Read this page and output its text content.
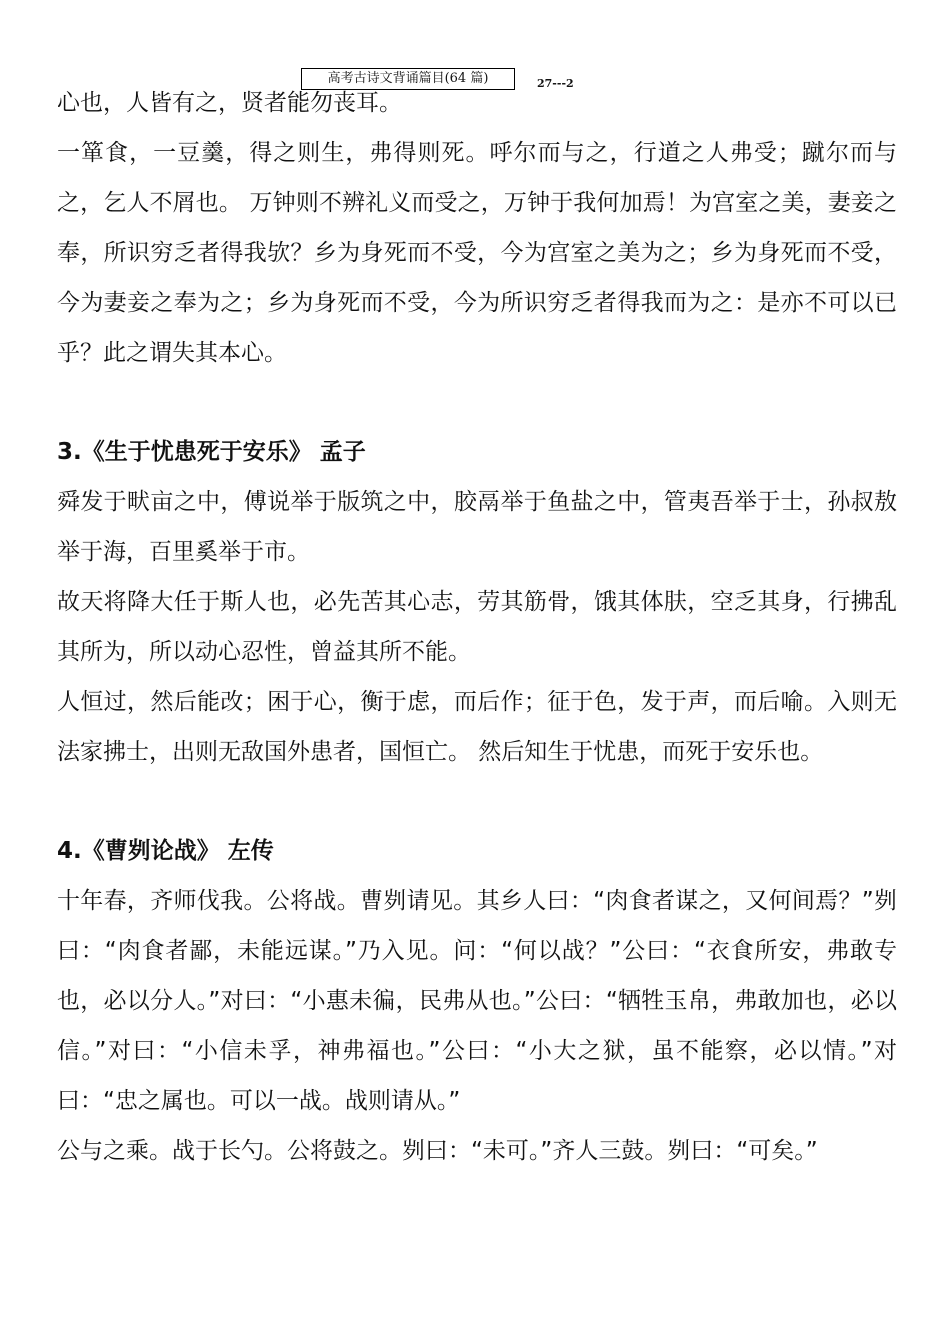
高考古诗文背诵篇目(64 篇)	27---2

心也，人皆有之，贤者能勿丧耳。

一箪食，一豆羹，得之则生，弗得则死。呼尔而与之，行道之人弗受；蹴尔而与之，乞人不屑也。 万钟则不辨礼义而受之，万钟于我何加焉！为宫室之美，妻妾之奉，所识穷乏者得我欤？乡为身死而不受，今为宫室之美为之；乡为身死而不受，今为妻妾之奉为之；乡为身死而不受，今为所识穷乏者得我而为之：是亦不可以已乎？此之谓失其本心。

3.《生于忧患死于安乐》 孟子

舜发于畎亩之中，傅说举于版筑之中，胶鬲举于鱼盐之中，管夷吾举于士，孙叔敖举于海，百里奚举于市。

故天将降大任于斯人也，必先苦其心志，劳其筋骨，饿其体肤，空乏其身，行拂乱其所为，所以动心忍性，曾益其所不能。

人恒过，然后能改；困于心，衡于虑，而后作；征于色，发于声，而后喻。入则无法家拂士，出则无敌国外患者，国恒亡。 然后知生于忧患，而死于安乐也。

4.《曹刿论战》 左传

十年春，齐师伐我。公将战。曹刿请见。其乡人曰：“肉食者谋之，又何间焉？”刿曰：“肉食者鄙，未能远谋。”乃入见。问：“何以战？”公曰：“衣食所安，弗敢专也，必以分人。”对曰：“小惠未徧，民弗从也。”公曰：“牺牲玉帛，弗敢加也，必以信。”对曰：“小信未孚，神弗福也。”公曰：“小大之狱，虽不能察，必以情。”对曰：“忠之属也。可以一战。战则请从。”

公与之乘。战于长勺。公将鼓之。刿曰：“未可。”齐人三鼓。刿曰：“可矣。”
